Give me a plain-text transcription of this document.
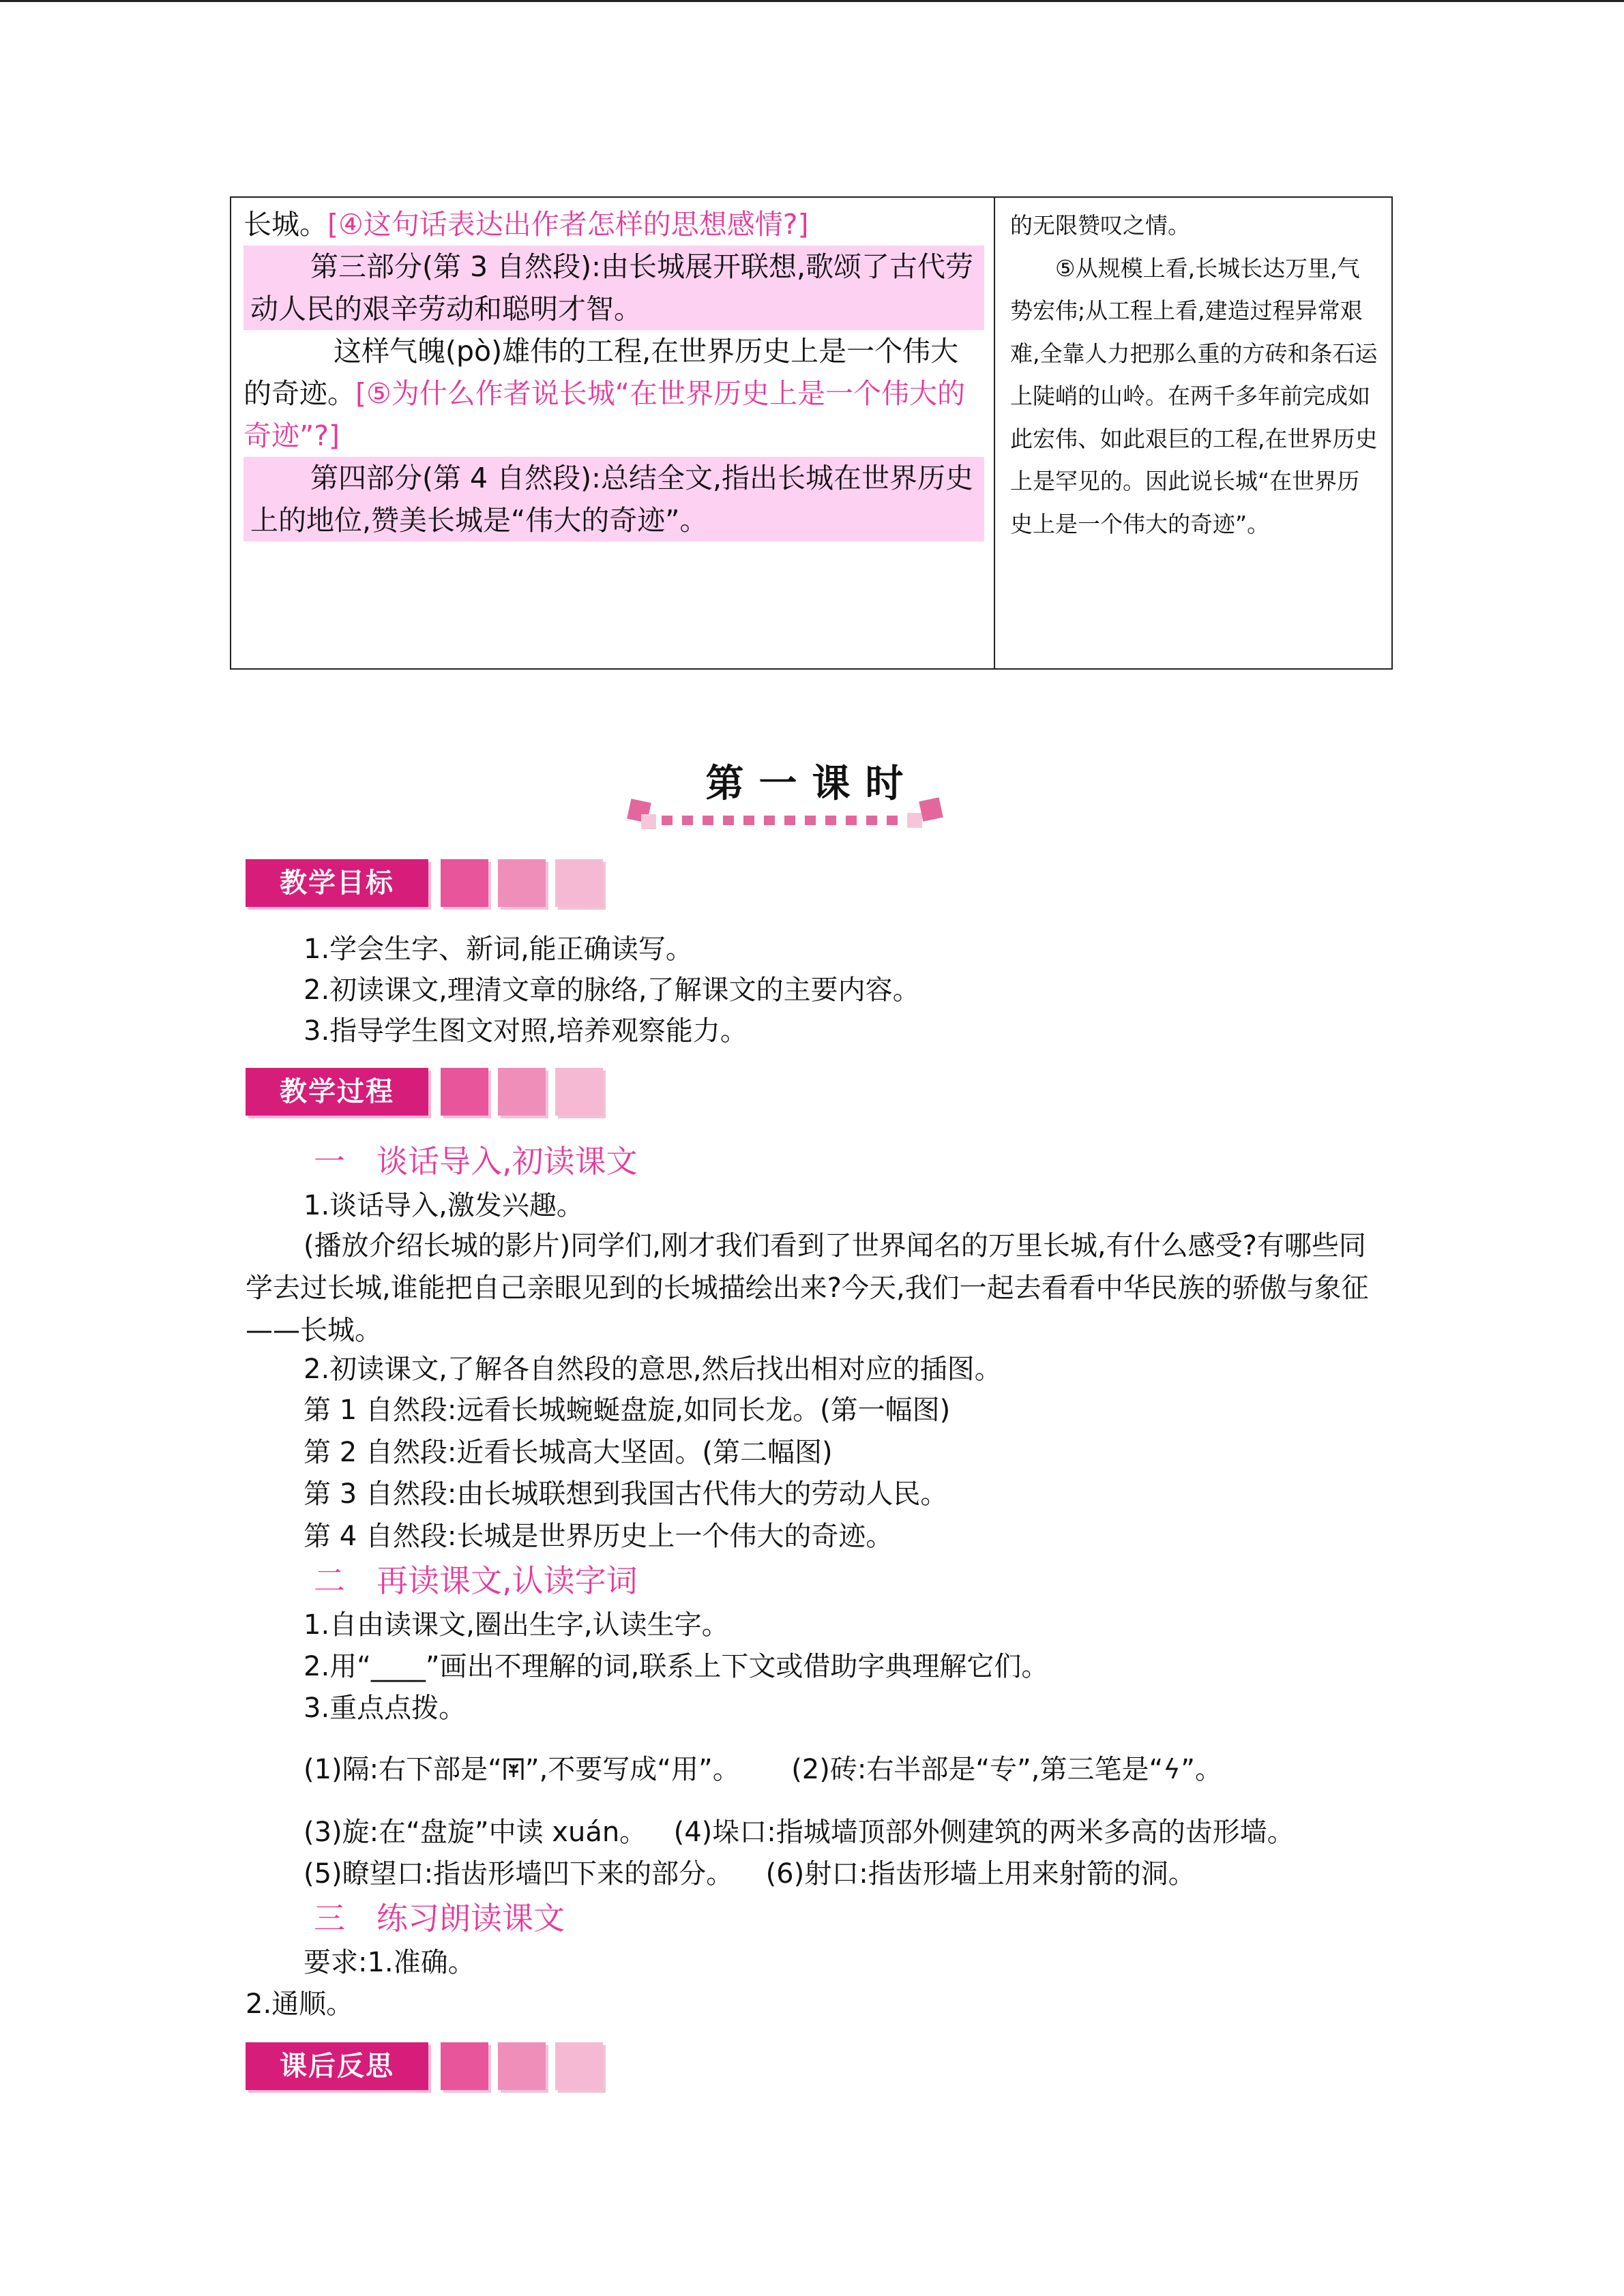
长城。[④这句话表达出作者怎样的思想感情?]

第三部分(第 3 自然段):由长城展开联想,歌颂了古代劳动人民的艰辛劳动和聪明才智。

这样气魄(pò)雄伟的工程,在世界历史上是一个伟大的奇迹。[⑤为什么作者说长城“在世界历史上是一个伟大的奇迹”?]

第四部分(第 4 自然段):总结全文,指出长城在世界历史上的地位,赞美长城是“伟大的奇迹”。

的无限赞叹之情。

⑤从规模上看,长城长达万里,气势宏伟;从工程上看,建造过程异常艰难,全靠人力把那么重的方砖和条石运上陡峭的山岭。在两千多年前完成如此宏伟、如此艰巨的工程,在世界历史上是罕见的。因此说长城“在世界历史上是一个伟大的奇迹”。

第一课时
教学目标
1.学会生字、新词,能正确读写。
2.初读课文,理清文章的脉络,了解课文的主要内容。
3.指导学生图文对照,培养观察能力。
教学过程
一　谈话导入,初读课文
1.谈话导入,激发兴趣。

(播放介绍长城的影片)同学们,刚才我们看到了世界闻名的万里长城,有什么感受?有哪些同学去过长城,谁能把自己亲眼见到的长城描绘出来?今天,我们一起去看看中华民族的骄傲与象征——长城。

2.初读课文,了解各自然段的意思,然后找出相对应的插图。
第 1 自然段:远看长城蜿蜒盘旋,如同长龙。(第一幅图)
第 2 自然段:近看长城高大坚固。(第二幅图)
第 3 自然段:由长城联想到我国古代伟大的劳动人民。
第 4 自然段:长城是世界历史上一个伟大的奇迹。
二　再读课文,认读字词
1.自由读课文,圈出生字,认读生字。
2.用“____”画出不理解的词,联系上下文或借助字典理解它们。
3.重点点拨。
(1)隔:右下部是“ ”,不要写成“用”。 (2)砖:右半部是“专”,第三笔是“ ”。
(3)旋:在“盘旋”中读 xuán。 (4)垛口:指城墙顶部外侧建筑的两米多高的齿形墙。
(5)瞭望口:指齿形墙凹下来的部分。 (6)射口:指齿形墙上用来射箭的洞。
三　练习朗读课文
要求:1.准确。
2.通顺。
课后反思
